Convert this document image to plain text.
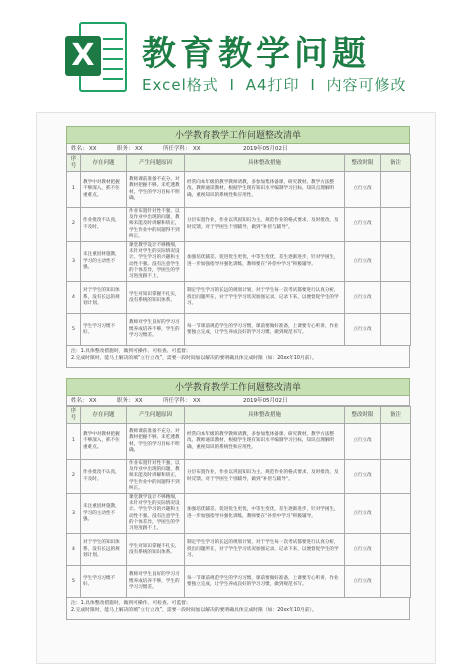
X 教育教学问题
Excel格式 I A4打印 I 内容可修改
小学教育教学工作问题整改清单
姓名： XX	职务： XX	所任学科： XX	2019年05月02日
序号	存在问题	产生问题原因	具体整改措施	整改时限	备注
1	教学中对教材把握不够深入，抓不住重难点。	教师课前准备不充分。对教材把握不够。未吃透教材。学生的学习目标不明确。	经常向本年级的教学教师请教，多参加集体备课，研究教材。教学方法整改。教师通读教材，根据学生现有知识水平编制学习目标，知识点理解明确，重视知识的系统性和应用性。	立行立改	
2	作业批改不认真，不及时。	作业布置针对性不强，以及作业中出现的问题，教师未能及时讲解和矫正，学生作业中的问题得不到纠正。	分层布置作业，作业以巩固知识为主。规范作业的格式要求，及时批改，及时反馈。对于学困生个别辅导，做到“补偿与辅导”。	立行立改	
3	未注重因材施教，学习的主动性不强。	课堂教学设计不够精细，未针对学生的实际情况设计。学生学习的兴趣和主动性不强。没有注意学生的个体差异，学困生的学习进度跟不上。	加强培优辅差。促进优生更优，中等生变优，差生逐渐进步，针对学困生，进一步加强指导并强化训练，教师要在“补偿中学习”积极辅导。	立行立改	
4	对于学生的知识体系，没有长远的规划计划。	学生对知识掌握不扎实，没有系统的知识体系。	制定学生学习的长远的规划计划，对于学生每一次考试都要进行认真分析，找出问题所在，对于学生学习状况加强记录，记录下来，以便督促学生的学习。	立行立改	
5	学生学习习惯不好。	教师对学生良好的学习习惯养成培养不够，学生的学习习惯差。	每一节课前规范学生的学习习惯，课前要做好准备，上课要专心听讲，作业要独立完成，让学生养成良好的学习习惯，做到规范书写。	立行立改	
注：1.具体整改措施时，做到可操作、可检查、可监督；
2.完成时限时，能马上解决的填“立行立改”，需要一段时间加以解决的要明确具体完成时限（如：20xx年10月前）。
小学教育教学工作问题整改清单
姓名： XX	职务： XX	所任学科： XX	2019年05月02日
序号	存在问题	产生问题原因	具体整改措施	整改时限	备注
1	教学中对教材把握不够深入，抓不住重难点。	教师课前准备不充分。对教材把握不够。未吃透教材。学生的学习目标不明确。	经常向本年级的教学教师请教，多参加集体备课，研究教材。教学方法整改。教师通读教材，根据学生现有知识水平编制学习目标，知识点理解明确，重视知识的系统性和应用性。	立行立改	
2	作业批改不认真，不及时。	作业布置针对性不强，以及作业中出现的问题，教师未能及时讲解和矫正，学生作业中的问题得不到纠正。	分层布置作业，作业以巩固知识为主。规范作业的格式要求，及时批改，及时反馈。对于学困生个别辅导，做到“补偿与辅导”。	立行立改	
3	未注重因材施教，学习的主动性不强。	课堂教学设计不够精细，未针对学生的实际情况设计。学生学习的兴趣和主动性不强。没有注意学生的个体差异，学困生的学习进度跟不上。	加强培优辅差。促进优生更优，中等生变优，差生逐渐进步，针对学困生，进一步加强指导并强化训练，教师要在“补偿中学习”积极辅导。	立行立改	
4	对于学生的知识体系，没有长远的规划计划。	学生对知识掌握不扎实，没有系统的知识体系。	制定学生学习的长远的规划计划，对于学生每一次考试都要进行认真分析，找出问题所在，对于学生学习状况加强记录，记录下来，以便督促学生的学习。	立行立改	
5	学生学习习惯不好。	教师对学生良好的学习习惯养成培养不够，学生的学习习惯差。	每一节课前规范学生的学习习惯，课前要做好准备，上课要专心听讲，作业要独立完成，让学生养成良好的学习习惯，做到规范书写。	立行立改	
注：1.具体整改措施时，做到可操作、可检查、可监督；
2.完成时限时，能马上解决的填“立行立改”，需要一段时间加以解决的要明确具体完成时限（如：20xx年10月前）。
